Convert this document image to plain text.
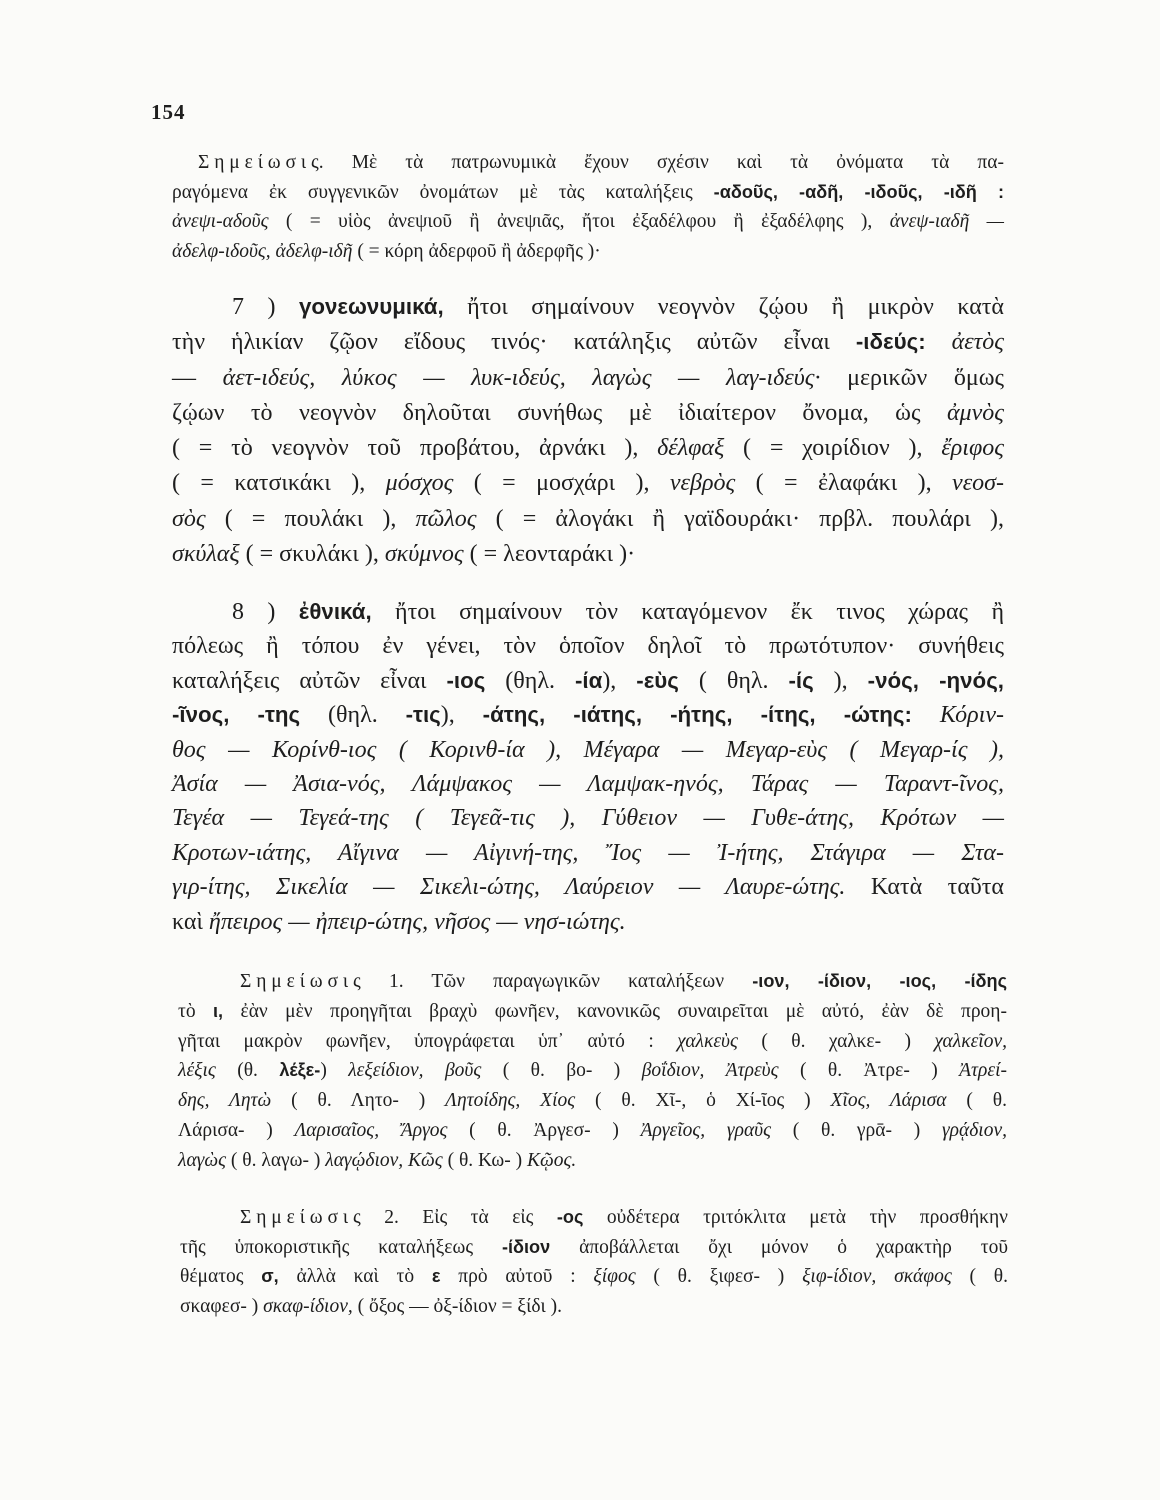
154
Σ η μ ε ί ω σ ι ς. Μὲ τὰ πατρωνυμικὰ ἔχουν σχέσιν καὶ τὰ ὀνόματα τὰ πα-
ραγόμενα ἐκ συγγενικῶν ὀνομάτων μὲ τὰς καταλήξεις -αδοῦς, -αδῆ, -ιδοῦς, -ιδῆ :
ἀνεψι-αδοῦς ( = υἱὸς ἀνεψιοῦ ἢ ἀνεψιᾶς, ἤτοι ἐξαδέλφου ἢ ἐξαδέλφης ), ἀνεψ-ιαδῆ —
ἀδελφ-ιδοῦς, ἀδελφ-ιδῆ ( = κόρη ἀδερφοῦ ἢ ἀδερφῆς )·
7 ) γονεωνυμικά, ἤτοι σημαίνουν νεογνὸν ζῴου ἢ μικρὸν κατὰ
τὴν ἡλικίαν ζῷον εἴδους τινός· κατάληξις αὐτῶν εἶναι -ιδεύς: ἀετὸς
— ἀετ-ιδεύς, λύκος — λυκ-ιδεύς, λαγὼς — λαγ-ιδεύς· μερικῶν ὅμως
ζῴων τὸ νεογνὸν δηλοῦται συνήθως μὲ ἰδιαίτερον ὄνομα, ὡς ἀμνὸς
( = τὸ νεογνὸν τοῦ προβάτου, ἀρνάκι ), δέλφαξ ( = χοιρίδιον ), ἔριφος
( = κατσικάκι ), μόσχος ( = μοσχάρι ), νεβρὸς ( = ἐλαφάκι ), νεοσ-
σὸς ( = πουλάκι ), πῶλος ( = ἀλογάκι ἢ γαϊδουράκι· πρβλ. πουλάρι ),
σκύλαξ ( = σκυλάκι ), σκύμνος ( = λεονταράκι )·
8 ) ἐθνικά, ἤτοι σημαίνουν τὸν καταγόμενον ἔκ τινος χώρας ἢ
πόλεως ἢ τόπου ἐν γένει, τὸν ὁποῖον δηλοῖ τὸ πρωτότυπον· συνήθεις
καταλήξεις αὐτῶν εἶναι -ιος (θηλ. -ία), -εὺς ( θηλ. -ίς ), -νός, -ηνός,
-ῖνος, -της (θηλ. -τις), -άτης, -ιάτης, -ήτης, -ίτης, -ώτης: Κόριν-
θος — Κορίνθ-ιος ( Κορινθ-ία ), Μέγαρα — Μεγαρ-εὺς ( Μεγαρ-ίς ),
Ἀσία — Ἀσια-νός, Λάμψακος — Λαμψακ-ηνός, Τάρας — Ταραντ-ῖνος,
Τεγέα — Τεγεά-της ( Τεγεᾶ-τις ), Γύθειον — Γυθε-άτης, Κρότων —
Κροτων-ιάτης, Αἴγινα — Αἰγινή-της, Ἴος — Ἰ-ήτης, Στάγιρα — Στα-
γιρ-ίτης, Σικελία — Σικελι-ώτης, Λαύρειον — Λαυρε-ώτης. Κατὰ ταῦτα
καὶ ἤπειρος — ἠπειρ-ώτης, νῆσος — νησ-ιώτης.
Σ η μ ε ί ω σ ι ς 1. Τῶν παραγωγικῶν καταλήξεων -ιον, -ίδιον, -ιος, -ίδης
τὸ ι, ἐὰν μὲν προηγῆται βραχὺ φωνῆεν, κανονικῶς συναιρεῖται μὲ αὐτό, ἐὰν δὲ προη-
γῆται μακρὸν φωνῆεν, ὑπογράφεται ὑπ᾿ αὐτό : χαλκεὺς ( θ. χαλκε- ) χαλκεῖον,
λέξις (θ. λέξε-) λεξείδιον, βοῦς ( θ. βο- ) βοΐδιον, Ἀτρεὺς ( θ. Ἀτρε- ) Ἀτρεί-
δης, Λητὼ ( θ. Λητο- ) Λητοίδης, Χίος ( θ. Χῖ-, ὁ Χί-ῖος ) Χῖος, Λάρισα ( θ.
Λάρισα- ) Λαρισαῖος, Ἄργος ( θ. Ἀργεσ- ) Ἀργεῖος, γραῦς ( θ. γρᾱ- ) γρᾴδιον,
λαγὼς ( θ. λαγω- ) λαγῴδιον, Κῶς ( θ. Κω- ) Κῷος.
Σ η μ ε ί ω σ ι ς 2. Εἰς τὰ εἰς -ος οὐδέτερα τριτόκλιτα μετὰ τὴν προσθήκην
τῆς ὑποκοριστικῆς καταλήξεως -ίδιον ἀποβάλλεται ὄχι μόνον ὁ χαρακτὴρ τοῦ
θέματος σ, ἀλλὰ καὶ τὸ ε πρὸ αὐτοῦ : ξίφος ( θ. ξιφεσ- ) ξιφ-ίδιον, σκάφος ( θ.
σκαφεσ- ) σκαφ-ίδιον, ( ὄξος — ὀξ-ίδιον = ξίδι ).
